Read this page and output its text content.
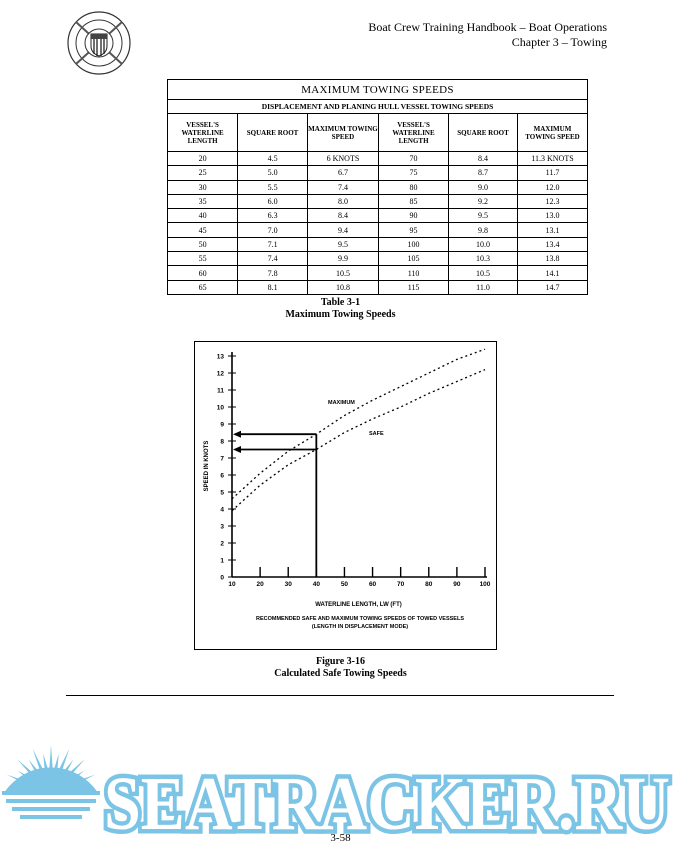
Boat Crew Training Handbook – Boat Operations
Chapter 3 – Towing
MAXIMUM TOWING SPEEDS					
DISPLACEMENT AND PLANING HULL VESSEL TOWING SPEEDS					
VESSEL'S WATERLINE LENGTH	SQUARE ROOT	MAXIMUM TOWING SPEED	VESSEL'S WATERLINE LENGTH	SQUARE ROOT	MAXIMUM TOWING SPEED
20	4.5	6 KNOTS	70	8.4	11.3 KNOTS
25	5.0	6.7	75	8.7	11.7
30	5.5	7.4	80	9.0	12.0
35	6.0	8.0	85	9.2	12.3
40	6.3	8.4	90	9.5	13.0
45	7.0	9.4	95	9.8	13.1
50	7.1	9.5	100	10.0	13.4
55	7.4	9.9	105	10.3	13.8
60	7.8	10.5	110	10.5	14.1
65	8.1	10.8	115	11.0	14.7
Table 3-1
Maximum Towing Speeds
0
1
2
3
4
5
6
7
8
9
10
11
12
13
10	20	30	40	50	60	70	80	90	100
MAXIMUM
SAFE
WATERLINE LENGTH, LW (FT)
SPEED IN KNOTS
RECOMMENDED SAFE AND MAXIMUM TOWING SPEEDS OF TOWED VESSELS
(LENGTH IN DISPLACEMENT MODE)
Figure 3-16
Calculated Safe Towing Speeds
SEATRACKER.RU
3-58
